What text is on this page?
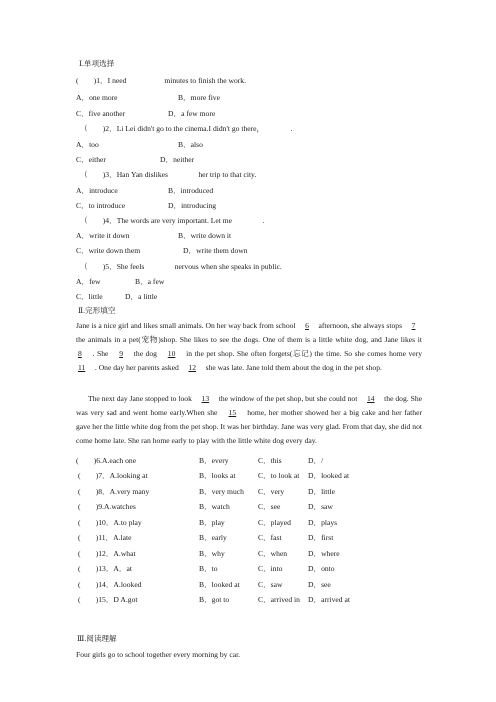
Ⅰ.单项选择
(　　)1．I need　　　　　minutes to finish the work.
A．one more	B．more five
C．five another	D．a few more
（　　)2．Li Lei didn't go to the cinema.I didn't go there，　　　　.
A．too	B．also
C．either	D．neither
（　　)3．Han Yan dislikes　　　　her trip to that city.
A．introduce	B．introduced
C．to introduce	D．introducing
（　　)4．The words are very important. Let me　　　　.
A．write it down	B．write down it
C．write down them	D．write them down
（　　)5．She feels　　　　nervous when she speaks in public.
A．few	B．a few
C．little	D．a little
Ⅱ.完形填空
Jane is a nice girl and likes small animals. On her way back from school　6　afternoon, she always stops　7　the animals in a pet(宠物)shop. She likes to see the dogs. One of them is a little white dog, and Jane likes it　8　. She　9　the dog　10　in the pet shop. She often forgets(忘记) the time. So she comes home very　11　. One day her parents asked　12　she was late. Jane told them about the dog in the pet shop.
The next day Jane stopped to look　13　the window of the pet shop, but she could not　14　the dog. She was very sad and went home early.When she　15　home, her mother showed her a big cake and her father gave her the little white dog from the pet shop. It was her birthday. Jane was very glad. From that day, she did not come home late. She ran home early to play with the little white dog every day.
(　　)6.A.each one	B．every	C．this	D．/
(　　)7．A.looking at	B．looks at	C．to look at D．looked at
(　　)8．A.very many	B．very much C．very	D．little
(　　)9.A.watches	B．watch	C．see	D．saw
(　　)10．A.to play	B．play	C．played D．plays
(　　)11．A.late	B．early	C．fast	D．first
(　　)12．A.what	B．why	C．when	D．where
(　　)13．A．at	B．to	C．into	D．onto
(　　)14．A.looked	B．looked at C．saw	D．see
(　　)15．D A.got	B．got to	C．arrived in D．arrived at
Ⅲ.阅读理解
Four girls go to school together every morning by car.
